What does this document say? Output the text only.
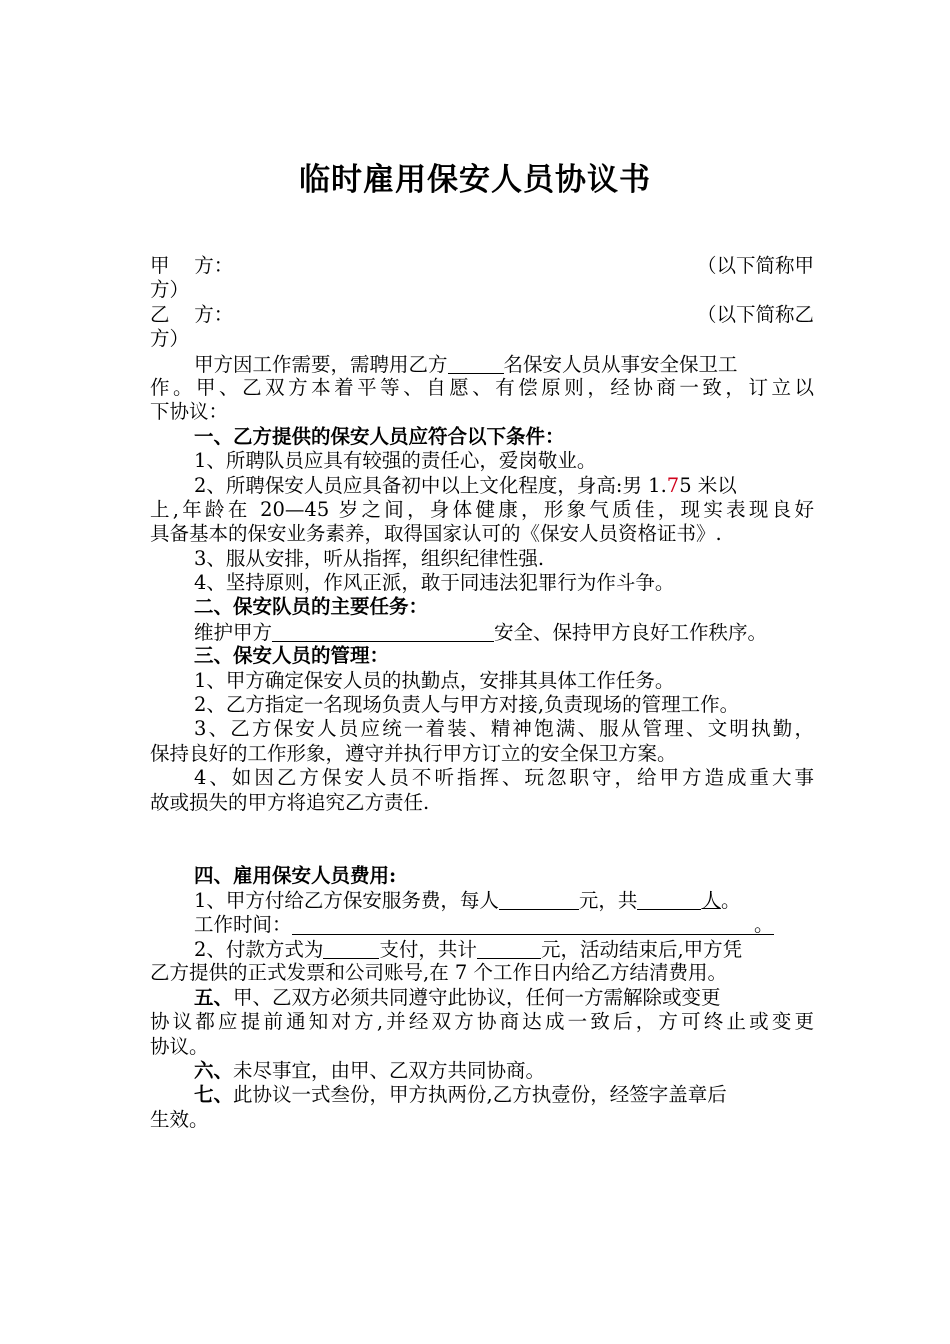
临时雇用保安人员协议书
甲    方：	（以下简称甲
方）
乙    方：	（以下简称乙
方）
甲方因工作需要，需聘用乙方	名保安人员从事安全保卫工
作。甲、乙双方本着平等、自愿、有偿原则，经协商一致，订立以
下协议：
一、乙方提供的保安人员应符合以下条件：
1、所聘队员应具有较强的责任心，爱岗敬业。
2、所聘保安人员应具备初中以上文化程度，身高:男 1.75 米以
上,年龄在 20—45 岁之间，身体健康，形象气质佳，现实表现良好
具备基本的保安业务素养，取得国家认可的《保安人员资格证书》.
3、服从安排，听从指挥，组织纪律性强.
4、坚持原则，作风正派，敢于同违法犯罪行为作斗争。
二、保安队员的主要任务：
维护甲方	安全、保持甲方良好工作秩序。
三、保安人员的管理：
1、甲方确定保安人员的执勤点，安排其具体工作任务。
2、乙方指定一名现场负责人与甲方对接,负责现场的管理工作。
3、乙方保安人员应统一着装、精神饱满、服从管理、文明执勤，
保持良好的工作形象，遵守并执行甲方订立的安全保卫方案。
4、如因乙方保安人员不听指挥、玩忽职守，给甲方造成重大事
故或损失的甲方将追究乙方责任.
四、雇用保安人员费用:
1、甲方付给乙方保安服务费，每人	元，共	人。
工作时间：	。
2、付款方式为	支付，共计	元，活动结束后,甲方凭
乙方提供的正式发票和公司账号,在 7 个工作日内给乙方结清费用。
五、甲、乙双方必须共同遵守此协议，任何一方需解除或变更
协议都应提前通知对方,并经双方协商达成一致后，方可终止或变更
协议。
六、未尽事宜，由甲、乙双方共同协商。
七、此协议一式叁份，甲方执两份,乙方执壹份，经签字盖章后
生效。
